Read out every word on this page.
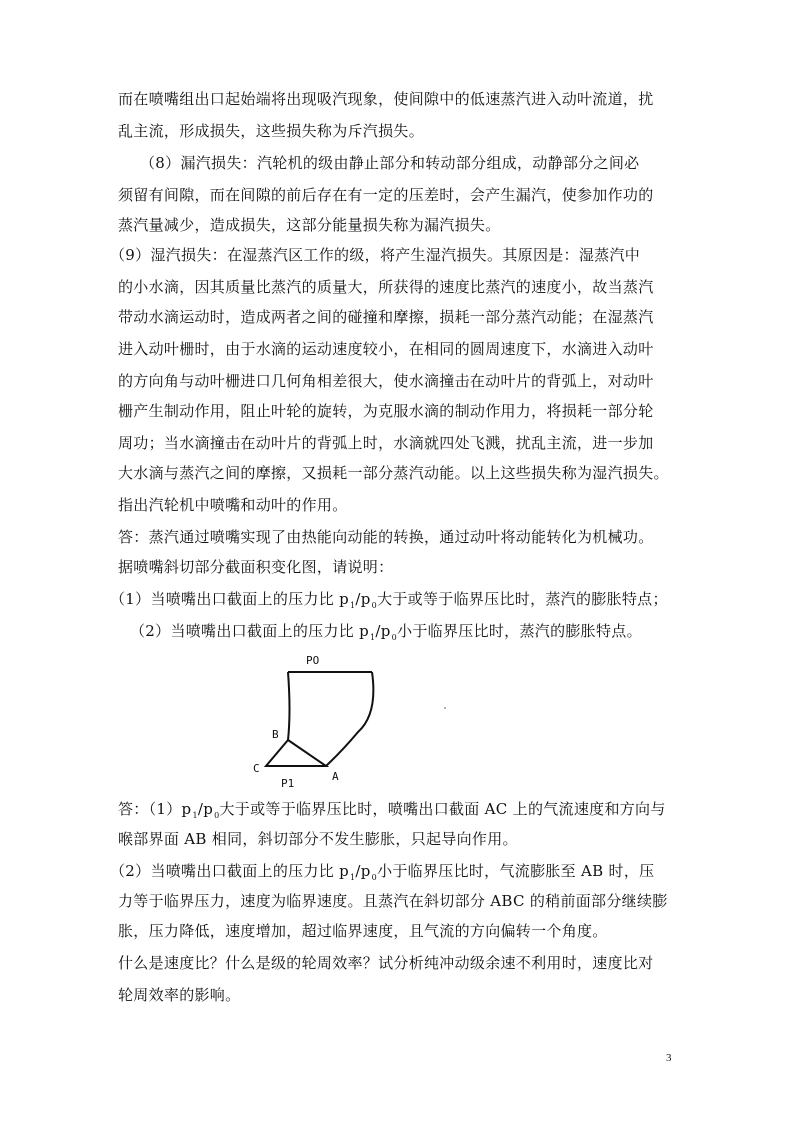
而在喷嘴组出口起始端将出现吸汽现象，使间隙中的低速蒸汽进入动叶流道，扰
乱主流，形成损失，这些损失称为斥汽损失。
（8）漏汽损失：汽轮机的级由静止部分和转动部分组成，动静部分之间必
须留有间隙，而在间隙的前后存在有一定的压差时，会产生漏汽，使参加作功的
蒸汽量减少，造成损失，这部分能量损失称为漏汽损失。
（9）湿汽损失：在湿蒸汽区工作的级，将产生湿汽损失。其原因是：湿蒸汽中
的小水滴，因其质量比蒸汽的质量大，所获得的速度比蒸汽的速度小，故当蒸汽
带动水滴运动时，造成两者之间的碰撞和摩擦，损耗一部分蒸汽动能；在湿蒸汽
进入动叶栅时，由于水滴的运动速度较小，在相同的圆周速度下，水滴进入动叶
的方向角与动叶栅进口几何角相差很大，使水滴撞击在动叶片的背弧上，对动叶
栅产生制动作用，阻止叶轮的旋转，为克服水滴的制动作用力，将损耗一部分轮
周功；当水滴撞击在动叶片的背弧上时，水滴就四处飞溅，扰乱主流，进一步加
大水滴与蒸汽之间的摩擦，又损耗一部分蒸汽动能。以上这些损失称为湿汽损失。
指出汽轮机中喷嘴和动叶的作用。
答：蒸汽通过喷嘴实现了由热能向动能的转换，通过动叶将动能转化为机械功。
据喷嘴斜切部分截面积变化图，请说明：
（1）当喷嘴出口截面上的压力比 $p_1/p_0$大于或等于临界压比时，蒸汽的膨胀特点；
（2）当喷嘴出口截面上的压力比 $p_1/p_0$小于临界压比时，蒸汽的膨胀特点。
PO
B
C
P1
A
答：$(1)p_1/p_0$大于或等于临界压比时，喷嘴出口截面 AC 上的气流速度和方向与
喉部界面 AB 相同，斜切部分不发生膨胀，只起导向作用。
（2）当喷嘴出口截面上的压力比 $p_1/p_0$小于临界压比时，气流膨胀至 AB 时，压
力等于临界压力，速度为临界速度。且蒸汽在斜切部分 ABC 的稍前面部分继续膨
胀，压力降低，速度增加，超过临界速度，且气流的方向偏转一个角度。
什么是速度比？什么是级的轮周效率？试分析纯冲动级余速不利用时，速度比对
轮周效率的影响。
3
